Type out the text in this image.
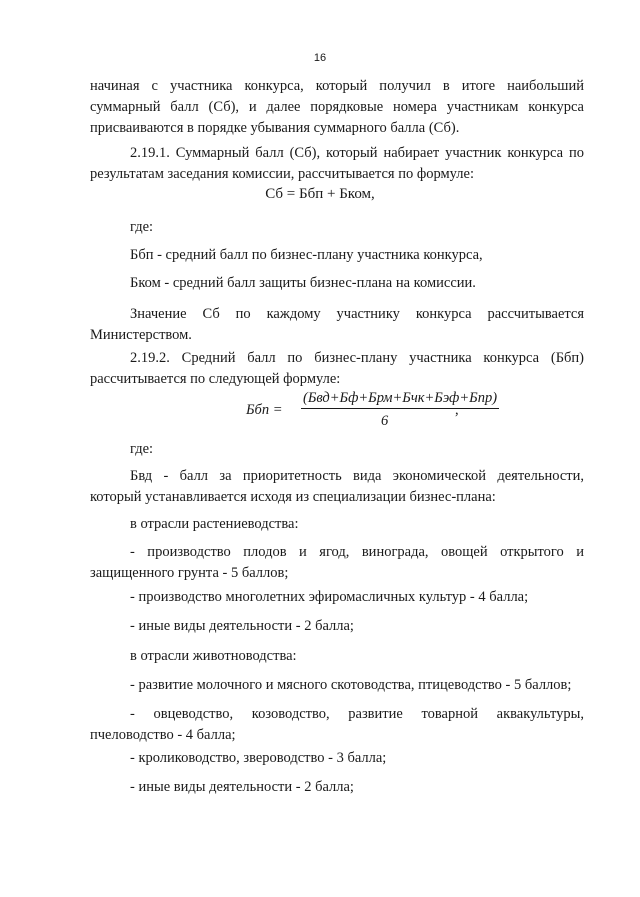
16

начиная с участника конкурса, который получил в итоге наибольший суммарный балл (Сб), и далее порядковые номера участникам конкурса присваиваются в порядке убывания суммарного балла (Сб).

2.19.1. Суммарный балл (Сб), который набирает участник конкурса по результатам заседания комиссии, рассчитывается по формуле:

Сб = Ббп + Бком,

где:

Ббп - средний балл по бизнес-плану участника конкурса,

Бком - средний балл защиты бизнес-плана на комиссии.

Значение Сб по каждому участнику конкурса рассчитывается Министерством.

2.19.2. Средний балл по бизнес-плану участника конкурса (Ббп) рассчитывается по следующей формуле:

Ббп =
(Бвд+Бф+Брм+Бчк+Бэф+Бпр)
6
,

где:

Бвд - балл за приоритетность вида экономической деятельности, который устанавливается исходя из специализации бизнес-плана:

в отрасли растениеводства:

- производство плодов и ягод, винограда, овощей открытого и защищенного грунта - 5 баллов;

- производство многолетних эфиромасличных культур - 4 балла;

- иные виды деятельности - 2 балла;

в отрасли животноводства:

- развитие молочного и мясного скотоводства, птицеводство - 5 баллов;

- овцеводство, козоводство, развитие товарной аквакультуры, пчеловодство - 4 балла;

- кролиководство, звероводство - 3 балла;

- иные виды деятельности - 2 балла;
